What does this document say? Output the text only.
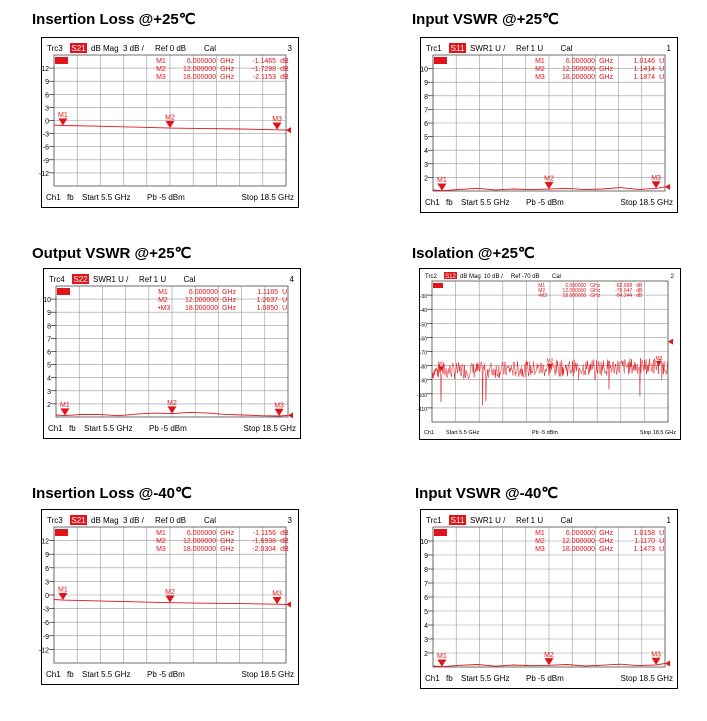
Insertion Loss @+25℃	Input VSWR @+25℃
Output VSWR @+25℃	Isolation @+25℃
Insertion Loss @-40℃	Input VSWR @-40℃
Trc3 S21 dB Mag 3 dB / Ref 0 dB Cal	3
12
9
6
3
0
-3
-6
-9
-12
M1	M2	M3
M1	6.000000 GHz	-1.1465 dB
M2 12.000000 GHz	-1.7298 dB
M3 18.000000 GHz	-2.1153 dB
Ch1 fb Start 5.5 GHz Pb -5 dBm	Stop 18.5 GHz
Trc1 S11 SWR 1 U / Ref 1 U Cal	1
10
9
8
7
6
5
4
3
2 M1	M2	M3
M1	6.000000 GHz	1.0146 U
M2 12.000000 GHz	1.1414 U
M3 18.000000 GHz	1.1874 U
Ch1 fb Start 5.5 GHz Pb -5 dBm	Stop 18.5 GHz
Trc4 S22 SWR 1 U / Ref 1 U Cal	4
10
9
8
7
6
5
4
3
2 M1	M2	M3
M1	6.000000 GHz	1.1165 U
M2 12.000000 GHz	1.2637 U
•M3 18.000000 GHz	1.0850 U
Ch1 fb Start 5.5 GHz Pb -5 dBm	Stop 18.5 GHz
Trc2 S12 dB Mag 10 dB / Ref -70 dB Cal	2
-30
-40
-50
-60
-70
-80
-90
-100
-110
M1	M2	M3
M1	6.000000 GHz	-83.698 dB
M2	12.000000 GHz	-79.647 dB
•M3	18.000000 GHz	-84.244 dB
Ch1 Start 5.5 GHz	Pb -5 dBm	Stop 18.5 GHz
Trc3 S21 dB Mag 3 dB / Ref 0 dB Cal	3
12
9
6
3
0
-3
-6
-9
-12
M1	M2	M3
M1	6.000000 GHz	-1.1156 dB
M2 12.000000 GHz	-1.6938 dB
M3 18.000000 GHz	-2.0304 dB
Ch1 fb Start 5.5 GHz Pb -5 dBm	Stop 18.5 GHz
Trc1 S11 SWR 1 U / Ref 1 U Cal	1
10
9
8
7
6
5
4
3
2 M1	M2	M3
M1	6.000000 GHz	1.0158 U
M2 12.000000 GHz	1.1170 U
M3 18.000000 GHz	1.1473 U
Ch1 fb Start 5.5 GHz Pb -5 dBm	Stop 18.5 GHz
